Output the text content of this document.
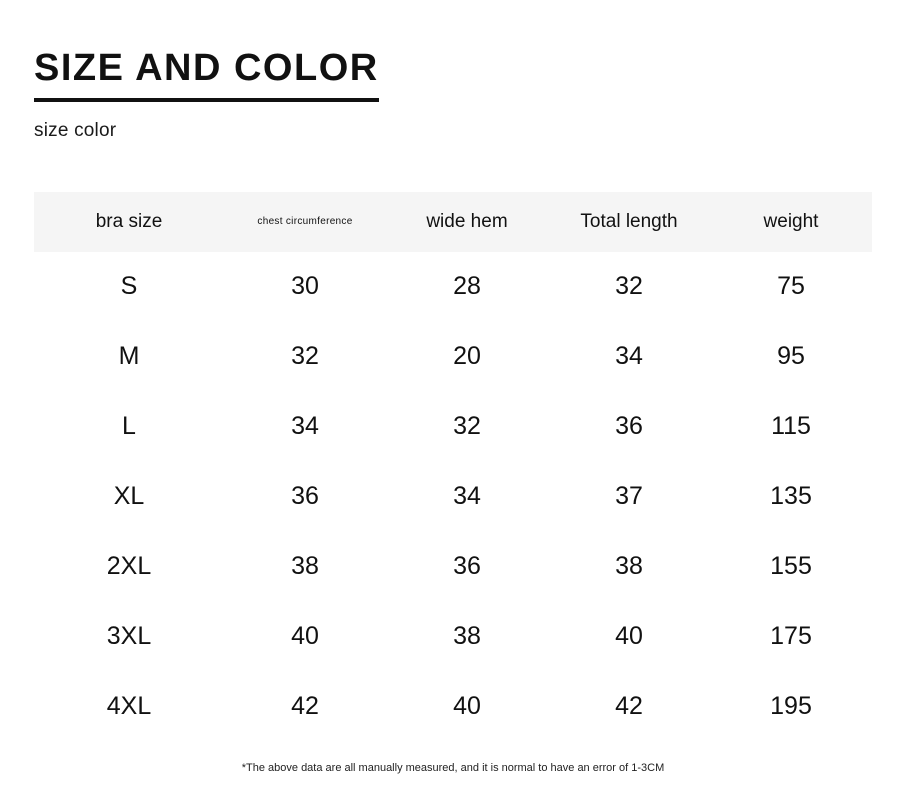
SIZE AND COLOR

size color

bra size	chest circumference	wide hem	Total length	weight
S	30	28	32	75
M	32	20	34	95
L	34	32	36	115
XL	36	34	37	135
2XL	38	36	38	155
3XL	40	38	40	175
4XL	42	40	42	195
*The above data are all manually measured, and it is normal to have an error of 1-3CM
